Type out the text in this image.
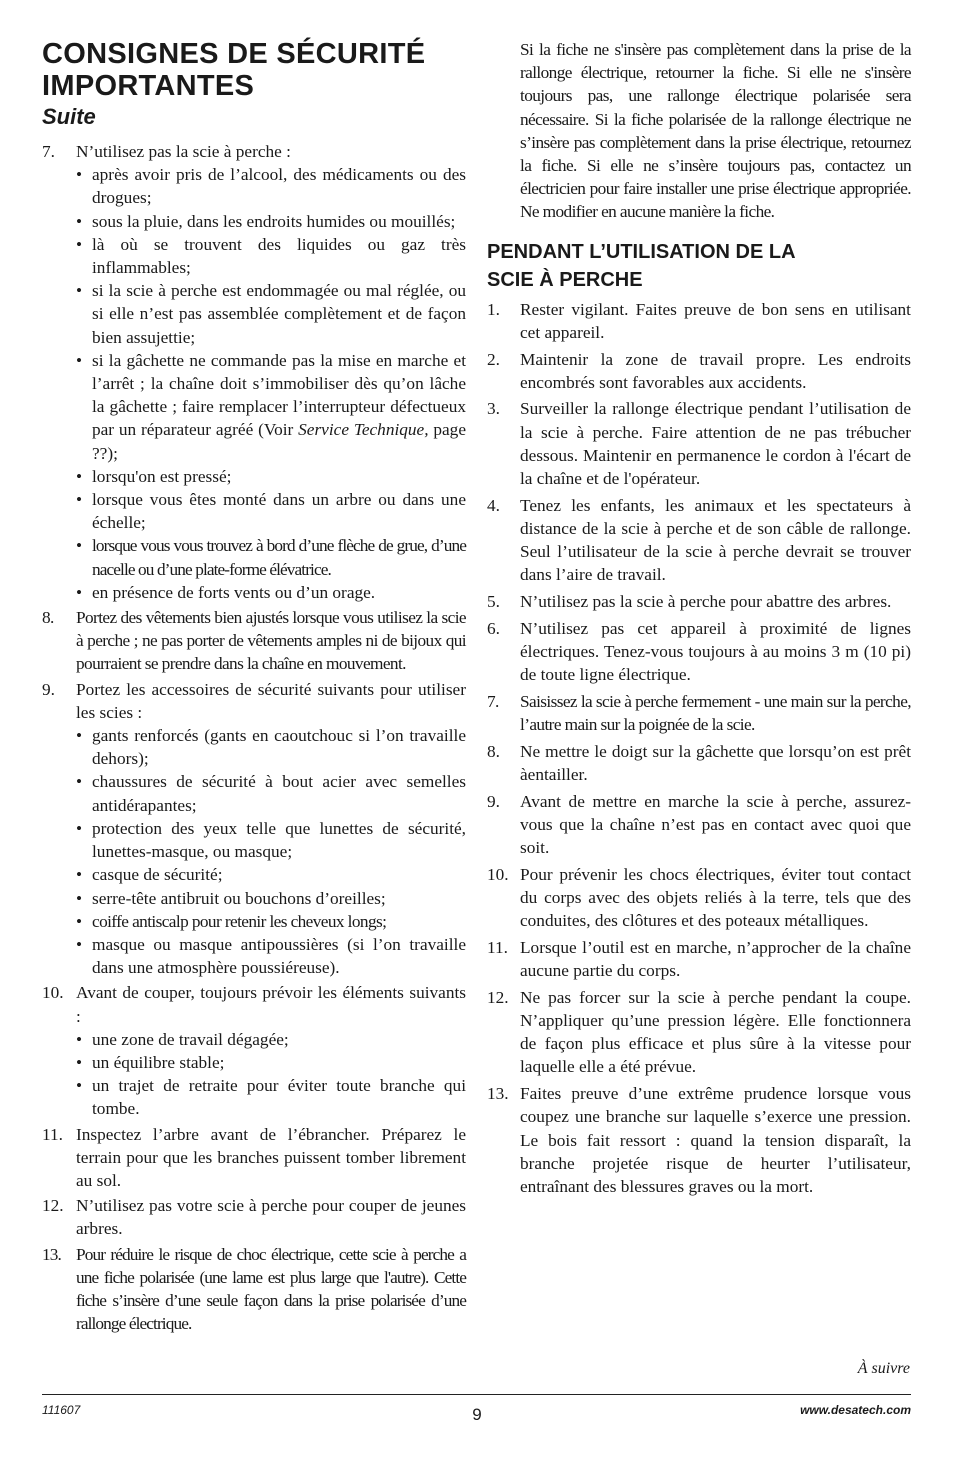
CONSIGNES DE SÉCURITÉ
IMPORTANTES
Suite
7. N’utilisez pas la scie à perche :
• après avoir pris de l’alcool, des médicaments ou des drogues;
• sous la pluie, dans les endroits humides ou mouillés;
• là où se trouvent des liquides ou gaz très inflammables;
• si la scie à perche est endommagée ou mal réglée, ou si elle n’est pas assemblée complètement et de façon bien assujettie;
• si la gâchette ne commande pas la mise en marche et l’arrêt ; la chaîne doit s’immobiliser dès qu’on lâche la gâchette ; faire remplacer l’interrupteur défectueux par un réparateur agréé (Voir Service Technique, page ??);
• lorsqu'on est pressé;
• lorsque vous êtes monté dans un arbre ou dans une échelle;
• lorsque vous vous trouvez à bord d’une flèche de grue, d’une nacelle ou d’une plate-forme élévatrice.
• en présence de forts vents ou d’un orage.
8. Portez des vêtements bien ajustés lorsque vous utilisez la scie à perche ; ne pas porter de vêtements amples ni de bijoux qui pourraient se prendre dans la chaîne en mouvement.
9. Portez les accessoires de sécurité suivants pour utiliser les scies :
• gants renforcés (gants en caoutchouc si l’on travaille dehors);
• chaussures de sécurité à bout acier avec semelles antidérapantes;
• protection des yeux telle que lunettes de sécurité, lunettes-masque, ou masque;
• casque de sécurité;
• serre-tête antibruit ou bouchons d’oreilles;
• coiffe antiscalp pour retenir les cheveux longs;
• masque ou masque antipoussières (si l’on travaille dans une atmosphère poussiéreuse).
10. Avant de couper, toujours prévoir les éléments suivants :
• une zone de travail dégagée;
• un équilibre stable;
• un trajet de retraite pour éviter toute branche qui tombe.
11. Inspectez l’arbre avant de l’ébrancher. Préparez le terrain pour que les branches puissent tomber librement au sol.
12. N’utilisez pas votre scie à perche pour couper de jeunes arbres.
13. Pour réduire le risque de choc électrique, cette scie à perche a une fiche polarisée (une lame est plus large que l'autre). Cette fiche s’insère d’une seule façon dans la prise polarisée d’une rallonge électrique.

Si la fiche ne s'insère pas complètement dans la prise de la rallonge électrique, retourner la fiche. Si elle ne s'insère toujours pas, une rallonge électrique polarisée sera nécessaire. Si la fiche polarisée de la rallonge électrique ne s’insère pas complètement dans la prise électrique, retournez la fiche. Si elle ne s’insère toujours pas, contactez un électricien pour faire installer une prise électrique appropriée. Ne modifier en aucune manière la fiche.

PENDANT L’UTILISATION DE LA
SCIE À PERCHE
1. Rester vigilant. Faites preuve de bon sens en utilisant cet appareil.
2. Maintenir la zone de travail propre. Les endroits encombrés sont favorables aux accidents.
3. Surveiller la rallonge électrique pendant l’utilisation de la scie à perche. Faire attention de ne pas trébucher dessous. Maintenir en permanence le cordon à l'écart de la chaîne et de l'opérateur.
4. Tenez les enfants, les animaux et les spectateurs à distance de la scie à perche et de son câble de rallonge. Seul l’utilisateur de la scie à perche devrait se trouver dans l’aire de travail.
5. N’utilisez pas la scie à perche pour abattre des arbres.
6. N’utilisez pas cet appareil à proximité de lignes électriques. Tenez-vous toujours à au moins 3 m (10 pi) de toute ligne électrique.
7. Saisissez la scie à perche fermement - une main sur la perche, l’autre main sur la poignée de la scie.
8. Ne mettre le doigt sur la gâchette que lorsqu’on est prêt àentailler.
9. Avant de mettre en marche la scie à perche, assurez-vous que la chaîne n’est pas en contact avec quoi que soit.
10. Pour prévenir les chocs électriques, éviter tout contact du corps avec des objets reliés à la terre, tels que des conduites, des clôtures et des poteaux métalliques.
11. Lorsque l’outil est en marche, n’approcher de la chaîne aucune partie du corps.
12. Ne pas forcer sur la scie à perche pendant la coupe. N’appliquer qu’une pression légère. Elle fonctionnera de façon plus efficace et plus sûre à la vitesse pour laquelle elle a été prévue.
13. Faites preuve d’une extrême prudence lorsque vous coupez une branche sur laquelle s’exerce une pression. Le bois fait ressort : quand la tension disparaît, la branche projetée risque de heurter l’utilisateur, entraînant des blessures graves ou la mort.
À suivre
111607	9	www.desatech.com
